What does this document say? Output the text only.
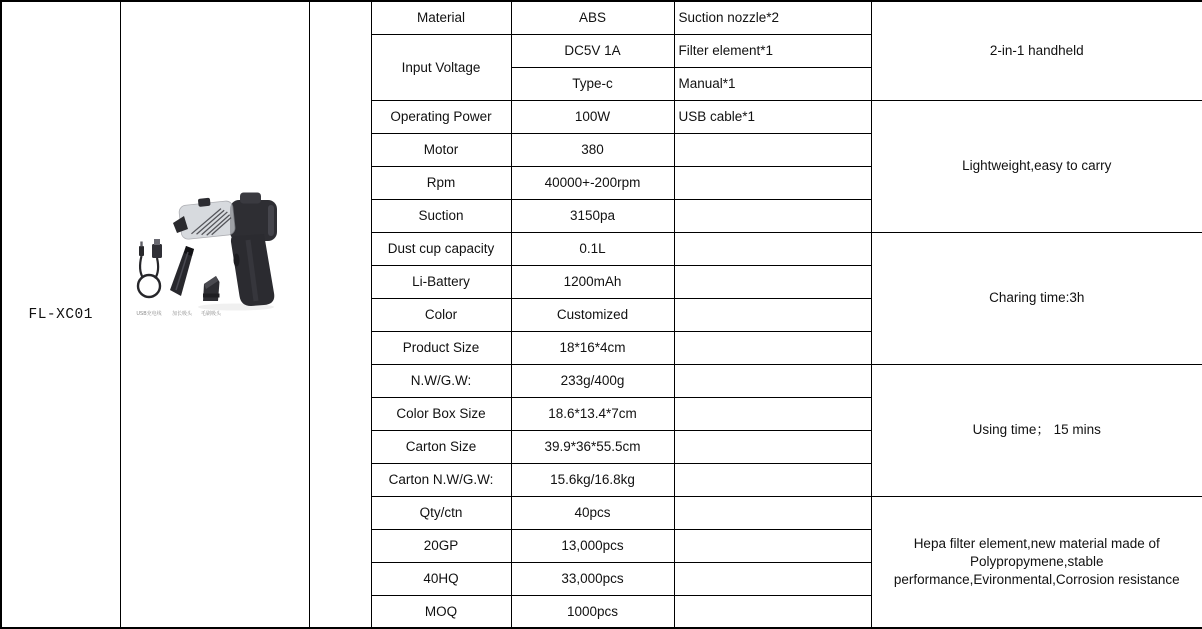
FL-XC01	USB充电线 加长吸头 毛刷吸头		Material	ABS	Suction nozzle*2	2-in-1 handheld
			Input Voltage	DC5V 1A	Filter element*1	
				Type-c	Manual*1	
			Operating Power	100W	USB cable*1	Lightweight,easy to carry
			Motor	380		
			Rpm	40000+-200rpm		
			Suction	3150pa		
			Dust cup capacity	0.1L		Charing time:3h
			Li-Battery	1200mAh		
			Color	Customized		
			Product Size	18*16*4cm		
			N.W/G.W:	233g/400g		Using time； 15 mins
			Color Box Size	18.6*13.4*7cm		
			Carton Size	39.9*36*55.5cm		
			Carton N.W/G.W:	15.6kg/16.8kg		
			Qty/ctn	40pcs		Hepa filter element,new material made of Polypropymene,stable performance,Evironmental,Corrosion resistance
			20GP	13,000pcs		
			40HQ	33,000pcs		
			MOQ	1000pcs		
